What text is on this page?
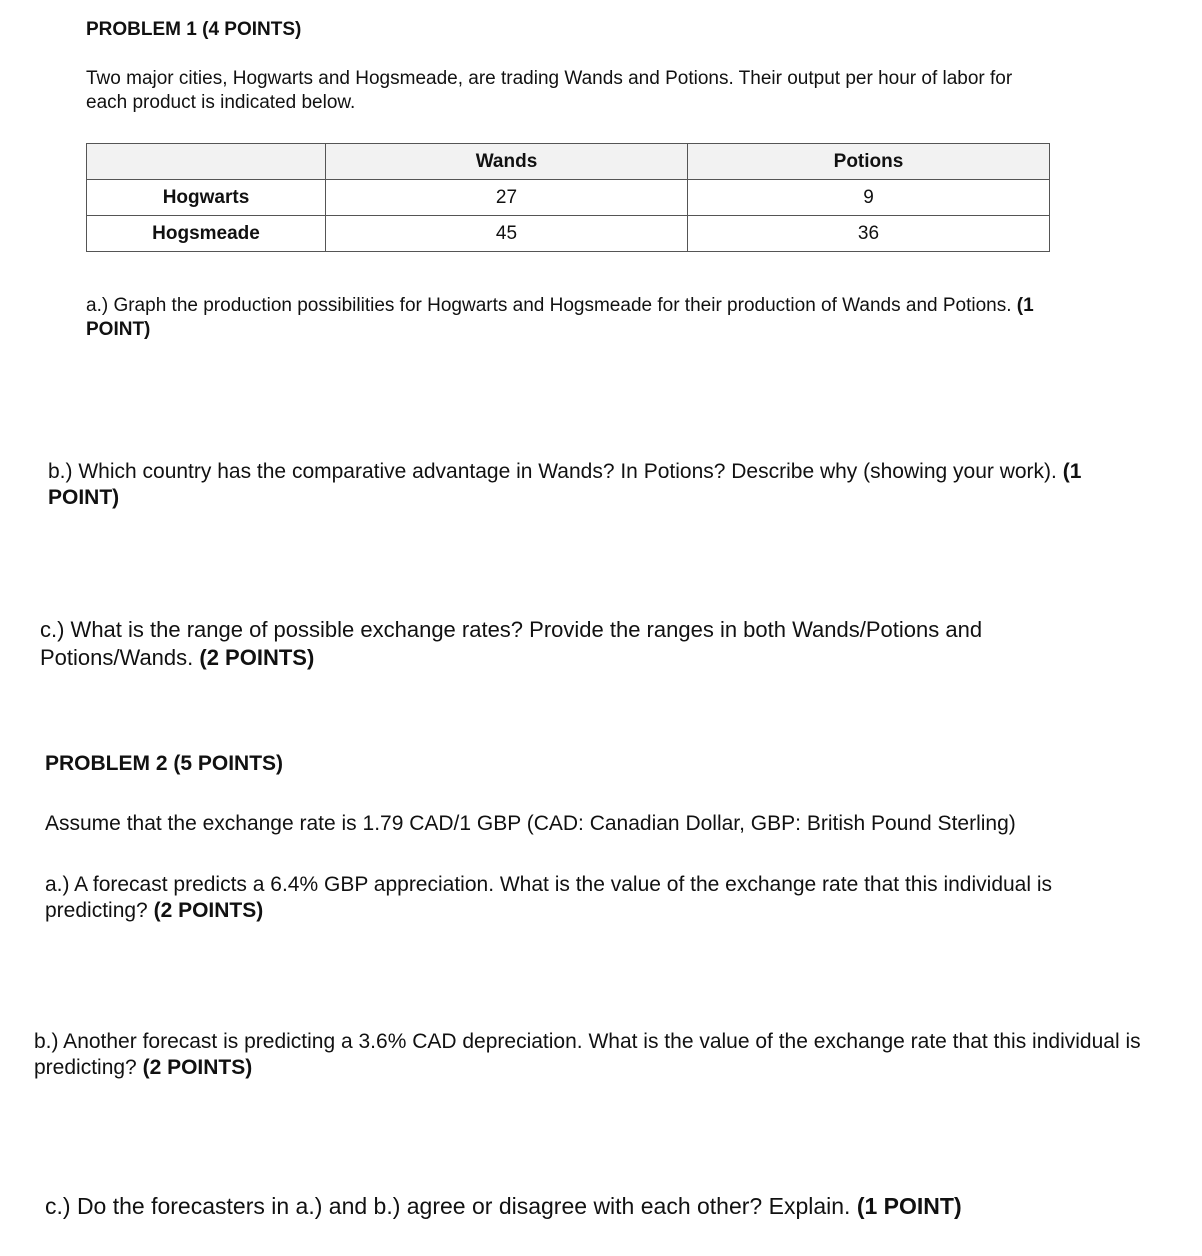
PROBLEM 1 (4 POINTS)
Two major cities, Hogwarts and Hogsmeade, are trading Wands and Potions. Their output per hour of labor for each product is indicated below.
	Wands	Potions
Hogwarts	27	9
Hogsmeade	45	36

a.) Graph the production possibilities for Hogwarts and Hogsmeade for their production of Wands and Potions. (1 POINT)

b.) Which country has the comparative advantage in Wands? In Potions? Describe why (showing your work). (1 POINT)

c.) What is the range of possible exchange rates? Provide the ranges in both Wands/Potions and Potions/Wands. (2 POINTS)

PROBLEM 2 (5 POINTS)
Assume that the exchange rate is 1.79 CAD/1 GBP (CAD: Canadian Dollar, GBP: British Pound Sterling)

a.) A forecast predicts a 6.4% GBP appreciation. What is the value of the exchange rate that this individual is predicting? (2 POINTS)

b.) Another forecast is predicting a 3.6% CAD depreciation. What is the value of the exchange rate that this individual is predicting? (2 POINTS)

c.) Do the forecasters in a.) and b.) agree or disagree with each other? Explain. (1 POINT)
